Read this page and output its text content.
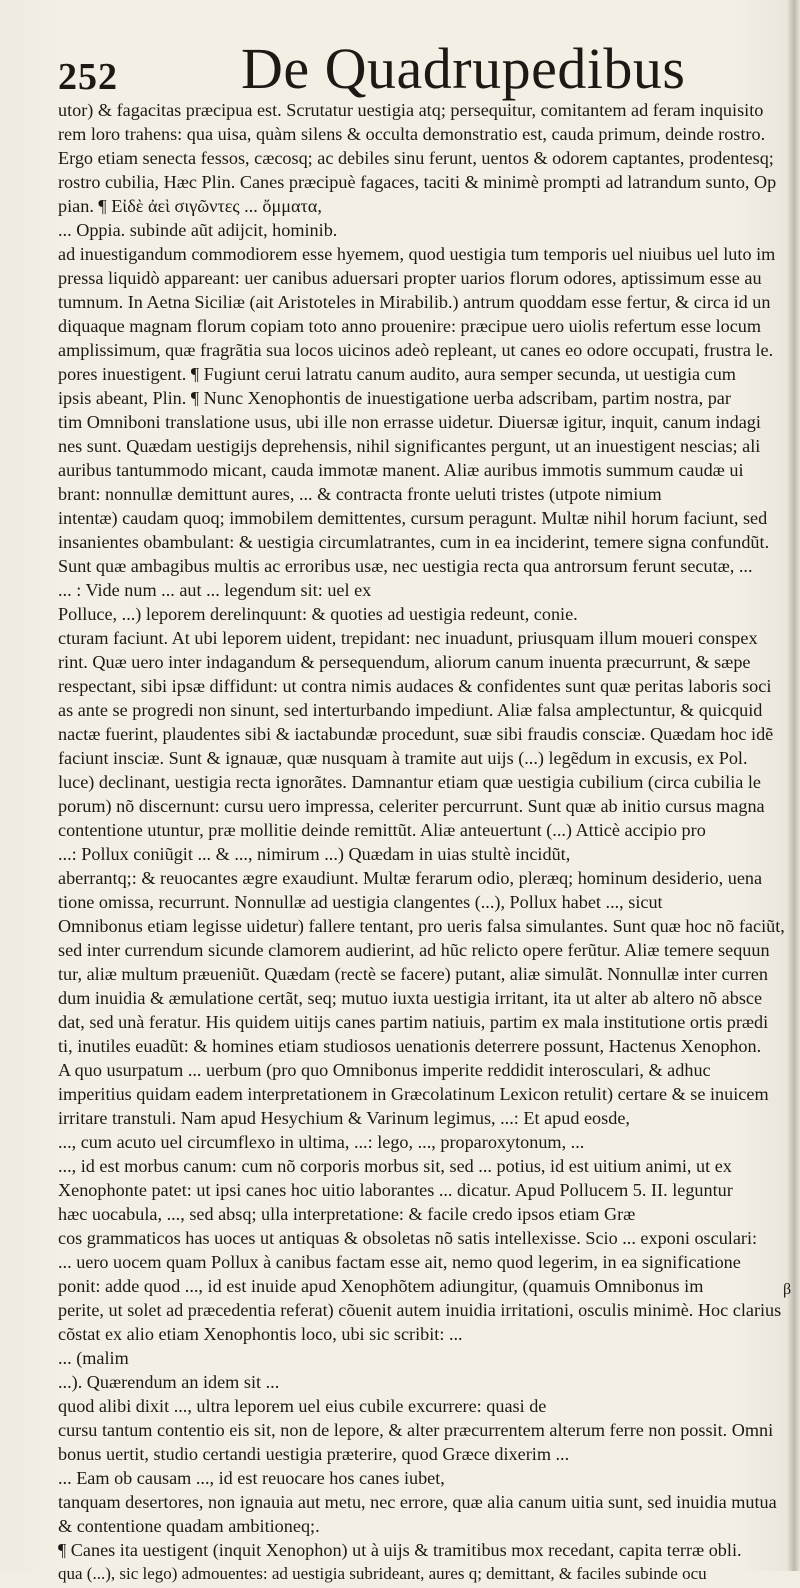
252 De Quadrupedibus
utor) & fagacitas præcipua est. Scrutatur uestigia atq; persequitur, comitantem ad feram inquisito
rem loro trahens: qua uisa, quàm silens & occulta demonstratio est, cauda primum, deinde rostro.
Ergo etiam senecta fessos, cæcosq; ac debiles sinu ferunt, uentos & odorem captantes, prodentesq;
rostro cubilia, Hæc Plin. Canes præcipuè fagaces, taciti & minimè prompti ad latrandum sunto, Op
pian. ¶ Εἰδὲ ἀεὶ σιγῶντες ... ὄμματα,
... Oppia. subinde aũt adijcit, hominib.
ad inuestigandum commodiorem esse hyemem, quod uestigia tum temporis uel niuibus uel luto im
pressa liquidò appareant: uer canibus aduersari propter uarios florum odores, aptissimum esse au
tumnum. In Aetna Siciliæ (ait Aristoteles in Mirabilib.) antrum quoddam esse fertur, & circa id un
diquaque magnam florum copiam toto anno prouenire: præcipue uero uiolis refertum esse locum
amplissimum, quæ fragrãtia sua locos uicinos adeò repleant, ut canes eo odore occupati, frustra le.
pores inuestigent. ¶ Fugiunt cerui latratu canum audito, aura semper secunda, ut uestigia cum
ipsis abeant, Plin. ¶ Nunc Xenophontis de inuestigatione uerba adscribam, partim nostra, par
tim Omniboni translatione usus, ubi ille non errasse uidetur. Diuersæ igitur, inquit, canum indagi
nes sunt. Quædam uestigijs deprehensis, nihil significantes pergunt, ut an inuestigent nescias; ali
auribus tantummodo micant, cauda immotæ manent. Aliæ auribus immotis summum caudæ ui
brant: nonnullæ demittunt aures, ... & contracta fronte ueluti tristes (utpote nimium
intentæ) caudam quoq; immobilem demittentes, cursum peragunt. Multæ nihil horum faciunt, sed
insanientes obambulant: & uestigia circumlatrantes, cum in ea inciderint, temere signa confundũt.
Sunt quæ ambagibus multis ac erroribus usæ, nec uestigia recta qua antrorsum ferunt secutæ, ...
... : Vide num ... aut ... legendum sit: uel ex
Polluce, ...) leporem derelinquunt: & quoties ad uestigia redeunt, conie.
cturam faciunt. At ubi leporem uident, trepidant: nec inuadunt, priusquam illum moueri conspex
rint. Quæ uero inter indagandum & persequendum, aliorum canum inuenta præcurrunt, & sæpe
respectant, sibi ipsæ diffidunt: ut contra nimis audaces & confidentes sunt quæ peritas laboris soci
as ante se progredi non sinunt, sed interturbando impediunt. Aliæ falsa amplectuntur, & quicquid
nactæ fuerint, plaudentes sibi & iactabundæ procedunt, suæ sibi fraudis consciæ. Quædam hoc idẽ
faciunt insciæ. Sunt & ignauæ, quæ nusquam à tramite aut uijs (...) legẽdum in excusis, ex Pol.
luce) declinant, uestigia recta ignorãtes. Damnantur etiam quæ uestigia cubilium (circa cubilia le
porum) nõ discernunt: cursu uero impressa, celeriter percurrunt. Sunt quæ ab initio cursus magna
contentione utuntur, præ mollitie deinde remittũt. Aliæ anteuertunt (...) Atticè accipio pro
...: Pollux coniũgit ... & ..., nimirum ...) Quædam in uias stultè incidũt,
aberrantq;: & reuocantes ægre exaudiunt. Multæ ferarum odio, pleræq; hominum desiderio, uena
tione omissa, recurrunt. Nonnullæ ad uestigia clangentes (...), Pollux habet ..., sicut
Omnibonus etiam legisse uidetur) fallere tentant, pro ueris falsa simulantes. Sunt quæ hoc nõ faciũt,
sed inter currendum sicunde clamorem audierint, ad hũc relicto opere ferũtur. Aliæ temere sequun
tur, aliæ multum præueniũt. Quædam (rectè se facere) putant, aliæ simulãt. Nonnullæ inter curren
dum inuidia & æmulatione certãt, seq; mutuo iuxta uestigia irritant, ita ut alter ab altero nõ absce
dat, sed unà feratur. His quidem uitijs canes partim natiuis, partim ex mala institutione ortis prædi
ti, inutiles euadũt: & homines etiam studiosos uenationis deterrere possunt, Hactenus Xenophon.
A quo usurpatum ... uerbum (pro quo Omnibonus imperite reddidit interosculari, & adhuc
imperitius quidam eadem interpretationem in Græcolatinum Lexicon retulit) certare & se inuicem
irritare transtuli. Nam apud Hesychium & Varinum legimus, ...: Et apud eosde,
..., cum acuto uel circumflexo in ultima, ...: lego, ..., proparoxytonum, ...
..., id est morbus canum: cum nõ corporis morbus sit, sed ... potius, id est uitium animi, ut ex
Xenophonte patet: ut ipsi canes hoc uitio laborantes ... dicatur. Apud Pollucem 5. II. leguntur
hæc uocabula, ..., sed absq; ulla interpretatione: & facile credo ipsos etiam Græ
cos grammaticos has uoces ut antiquas & obsoletas nõ satis intellexisse. Scio ... exponi osculari:
... uero uocem quam Pollux à canibus factam esse ait, nemo quod legerim, in ea significatione
ponit: adde quod ..., id est inuide apud Xenophõtem adiungitur, (quamuis Omnibonus im
perite, ut solet ad præcedentia referat) cõuenit autem inuidia irritationi, osculis minimè. Hoc clarius
cõstat ex alio etiam Xenophontis loco, ubi sic scribit: ...
... (malim
...). Quærendum an idem sit ...
quod alibi dixit ..., ultra leporem uel eius cubile excurrere: quasi de
cursu tantum contentio eis sit, non de lepore, & alter præcurrentem alterum ferre non possit. Omni
bonus uertit, studio certandi uestigia præterire, quod Græce dixerim ...
... Eam ob causam ..., id est reuocare hos canes iubet,
tanquam desertores, non ignauia aut metu, nec errore, quæ alia canum uitia sunt, sed inuidia mutua
& contentione quadam ambitioneq;.
¶ Canes ita uestigent (inquit Xenophon) ut à uijs & tramitibus mox recedant, capita terræ obli.
qua (...), sic lego) admouentes: ad uestigia subrideant, aures q; demittant, & faciles subinde ocu
β
